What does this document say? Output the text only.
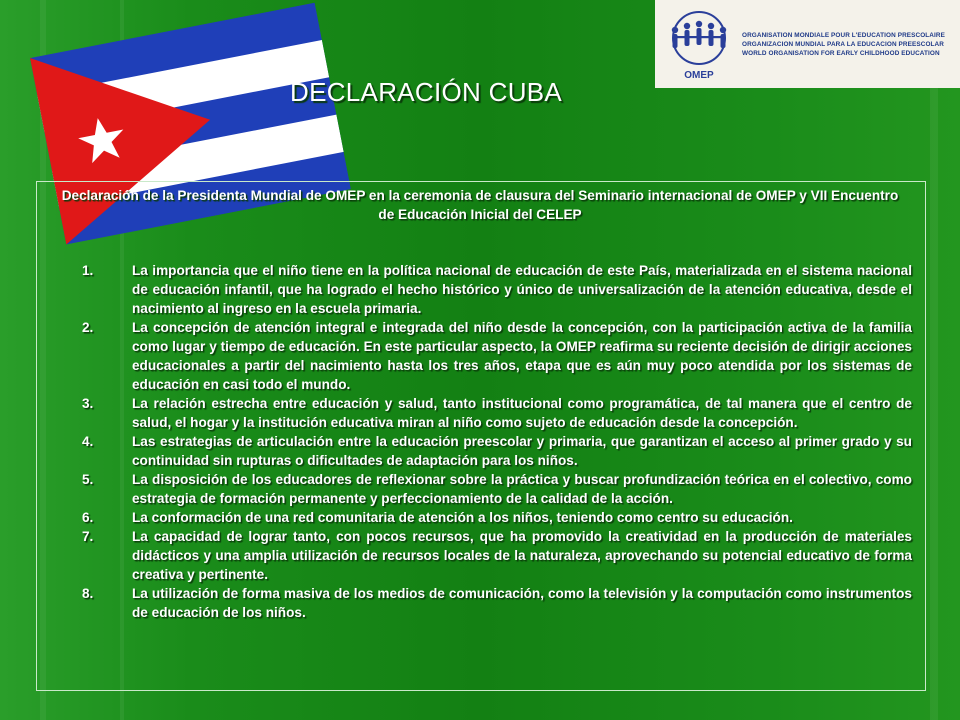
OMEP
ORGANISATION MONDIALE POUR L'EDUCATION PRESCOLAIRE
ORGANIZACION MUNDIAL PARA LA EDUCACION PREESCOLAR
WORLD ORGANISATION FOR EARLY CHILDHOOD EDUCATION
DECLARACIÓN CUBA
Declaración de la Presidenta Mundial de OMEP en la ceremonia de clausura del Seminario internacional de OMEP y VII Encuentro de Educación Inicial del CELEP
1.	La importancia que el niño tiene en la política nacional de educación de este País, materializada en el sistema nacional de educación infantil, que ha logrado el hecho histórico y único de universalización de la atención educativa, desde el nacimiento al ingreso en la escuela primaria.
2.	La concepción de atención integral e integrada del niño desde la concepción, con la participación activa de la familia como lugar y tiempo de educación. En este particular aspecto, la OMEP reafirma su reciente decisión de dirigir acciones educacionales a partir del nacimiento hasta los tres años, etapa que es aún muy poco atendida por los sistemas de educación en casi todo el mundo.
3.	La relación estrecha entre educación y salud, tanto institucional como programática, de tal manera que el centro de salud, el hogar y la institución educativa miran al niño como sujeto de educación desde la concepción.
4.	Las estrategias de articulación entre la educación preescolar y primaria, que garantizan el acceso al primer grado y su continuidad sin rupturas o dificultades de adaptación para los niños.
5.	La disposición de los educadores de reflexionar sobre la práctica y buscar profundización teórica en el colectivo, como estrategia de formación permanente y perfeccionamiento de la calidad de la acción.
6.	La conformación de una red comunitaria de atención a los niños, teniendo como centro su educación.
7.	La capacidad de lograr tanto, con pocos recursos, que ha promovido la creatividad en la producción de materiales didácticos y una amplia utilización de recursos locales de la naturaleza, aprovechando su potencial educativo de forma creativa y pertinente.
8.	La utilización de forma masiva de los medios de comunicación, como la televisión y la computación como instrumentos de educación de los niños.
